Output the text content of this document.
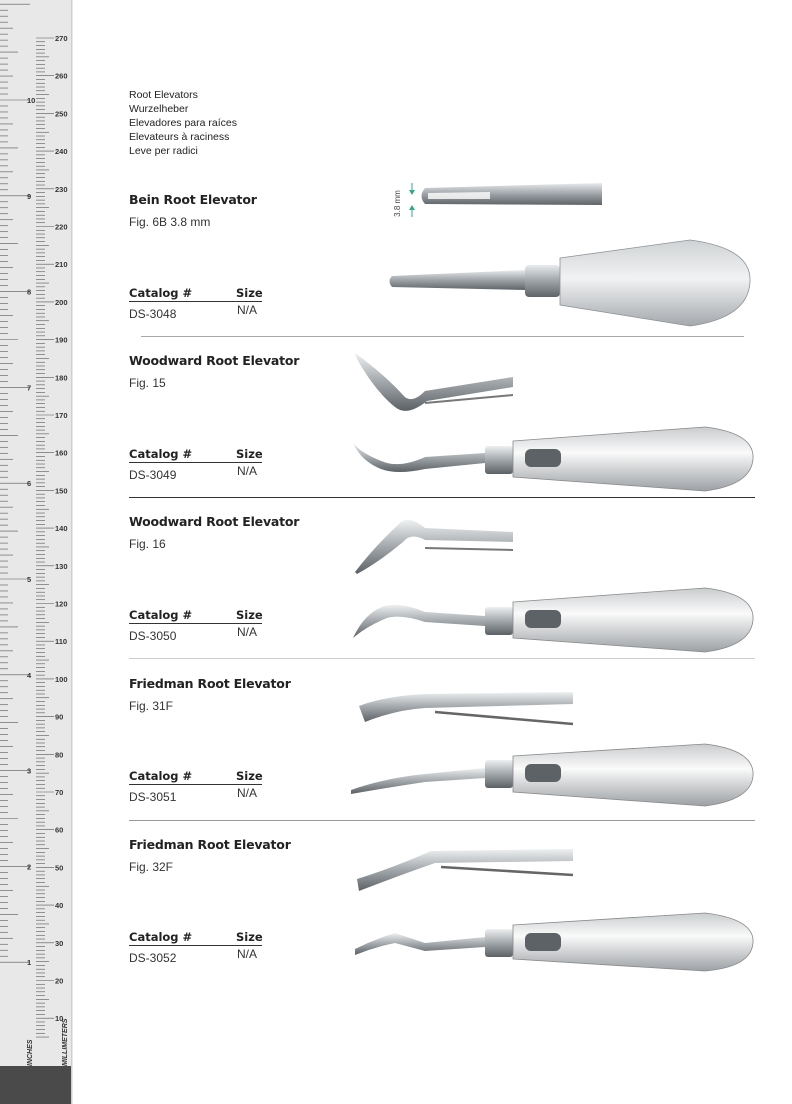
270
260
250
240
230
220
210
200
190
180
170
160
150
140
130
120
110
100
90
80
70
60
50
40
30
20
10
10
9
8
7
6
5
4
3
2
1
INCHES	MILLIMETERS
Root Elevators
Wurzelheber
Elevadores para raíces
Elevateurs à raciness
Leve per radici
Bein Root Elevator
Fig. 6B 3.8 mm
Catalog #	Size
DS-3048	N/A
Woodward Root Elevator
Fig. 15
Catalog #	Size
DS-3049	N/A
Woodward Root Elevator
Fig. 16
Catalog #	Size
DS-3050	N/A
Friedman Root Elevator
Fig. 31F
Catalog #	Size
DS-3051	N/A
Friedman Root Elevator
Fig. 32F
Catalog #	Size
DS-3052	N/A
3.8 mm
